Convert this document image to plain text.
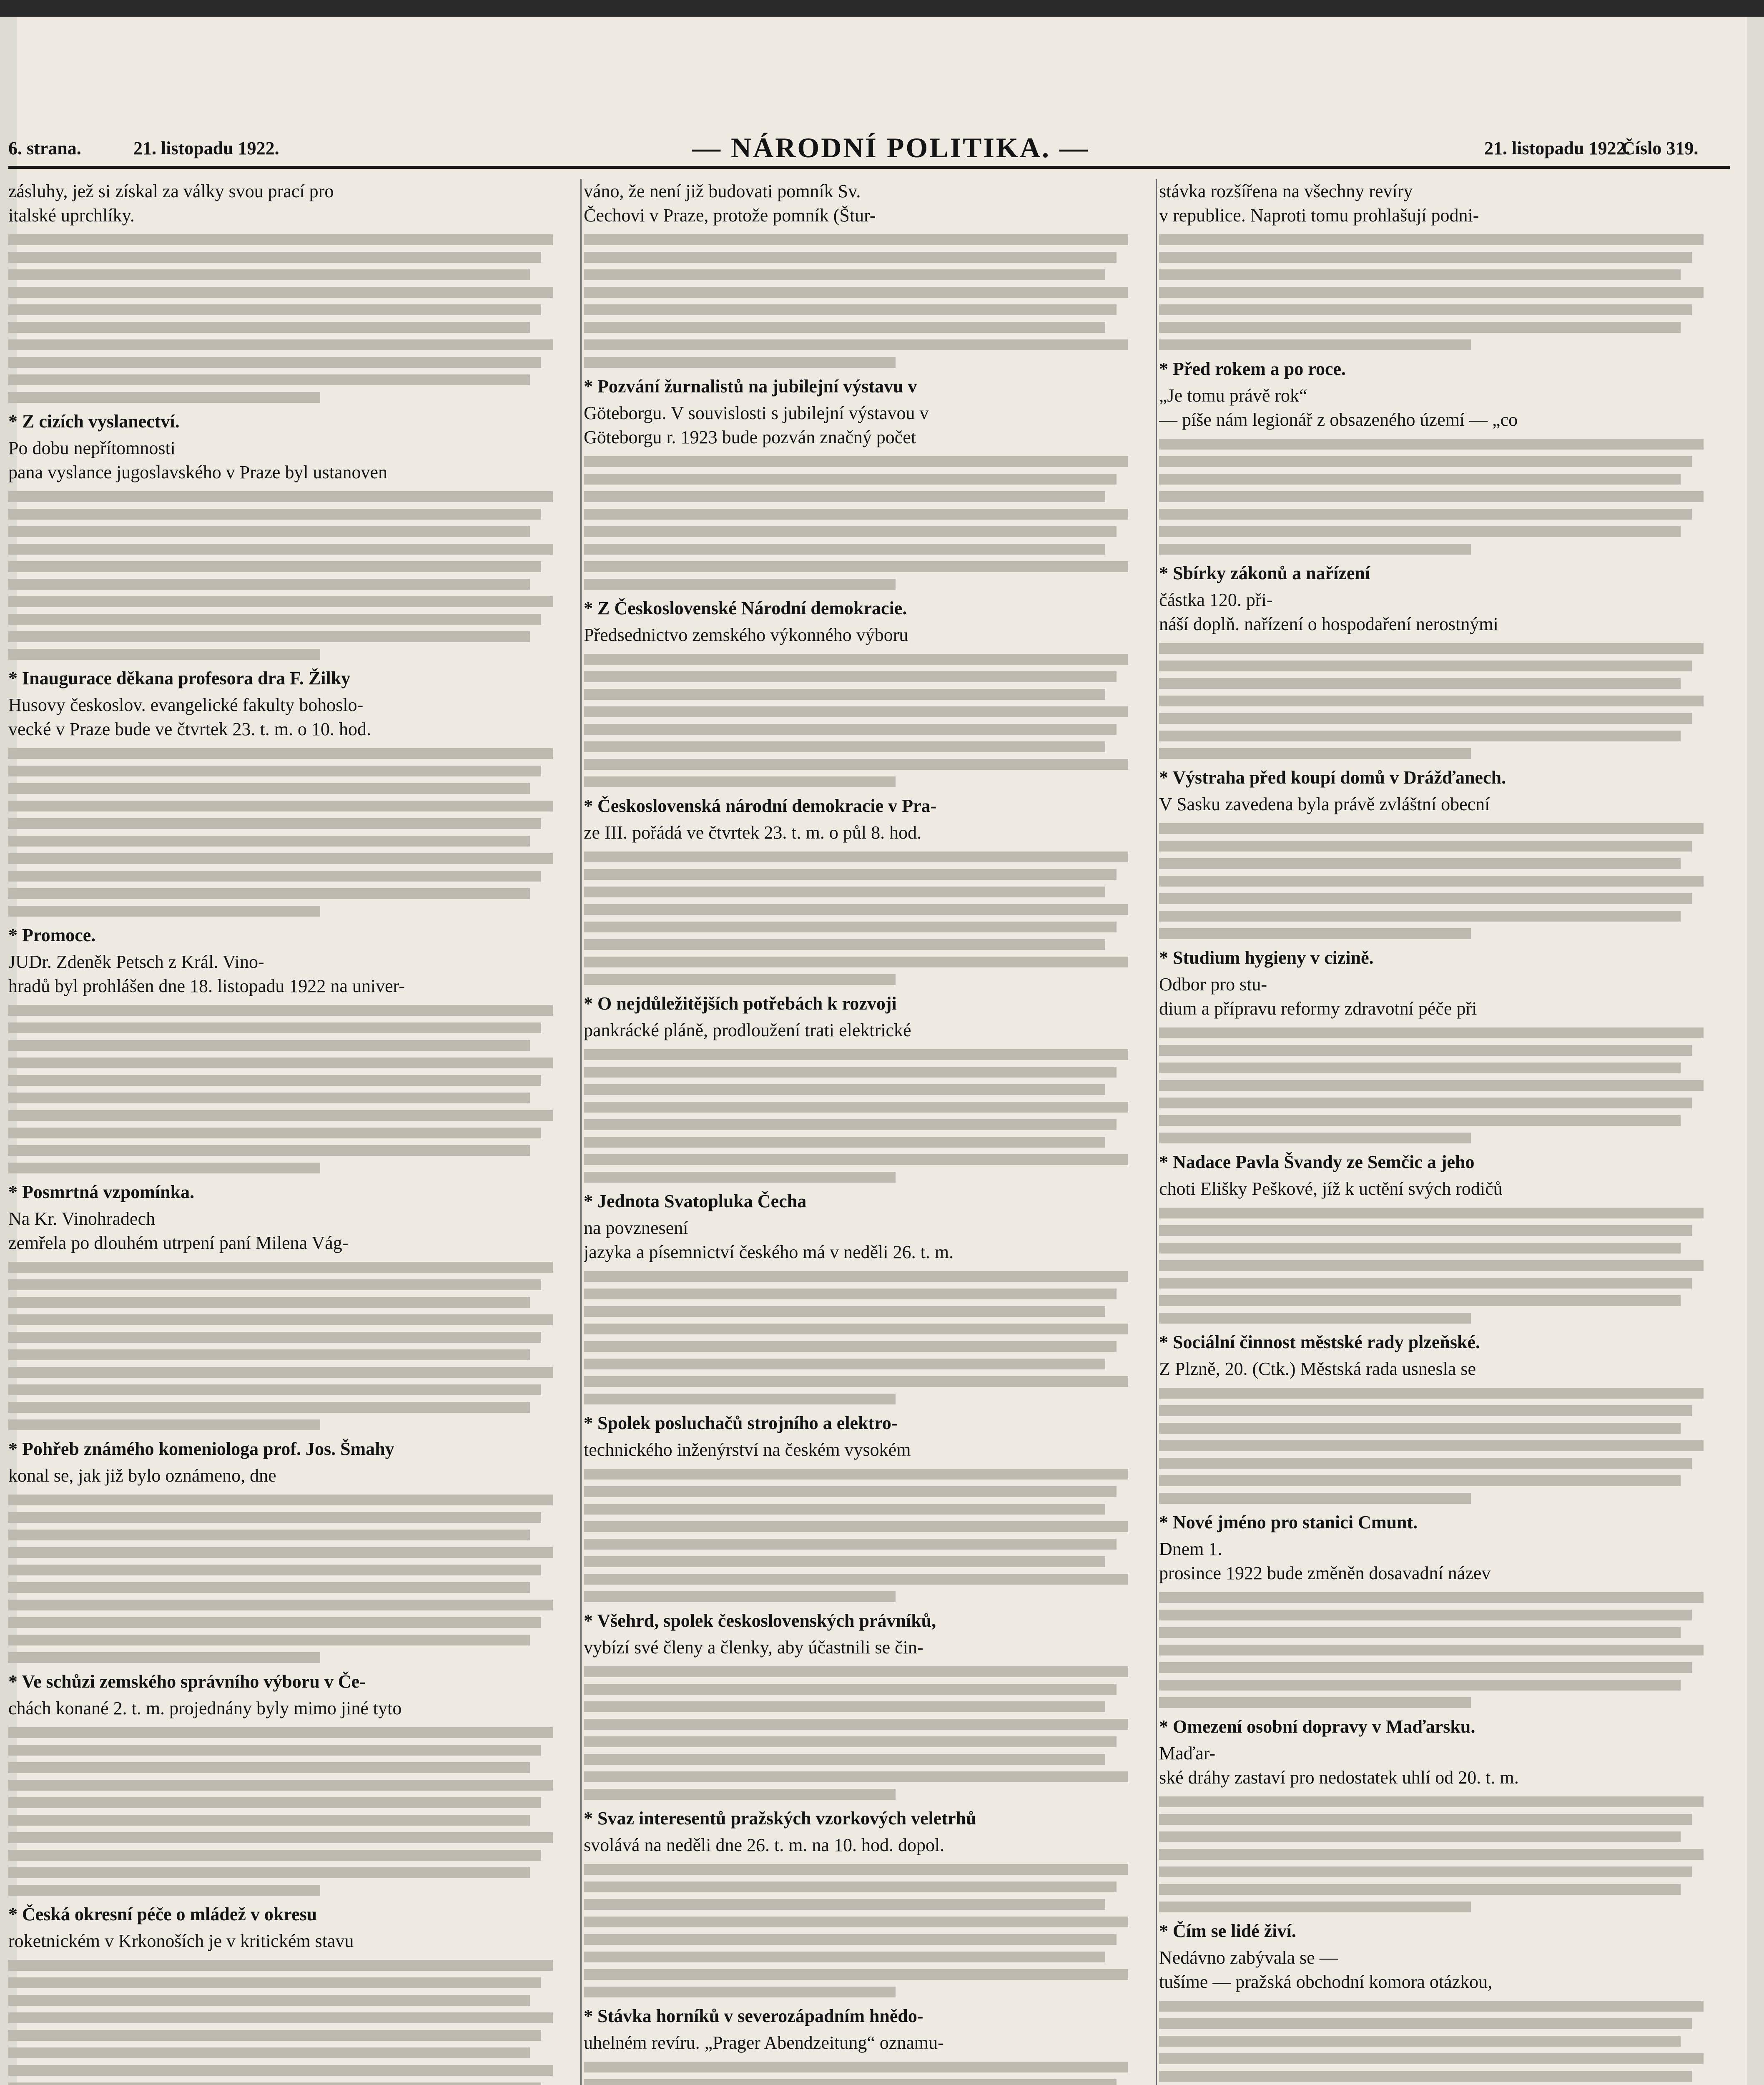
6. strana.	21. listopadu 1922.	— NÁRODNÍ POLITIKA. —	21. listopadu 1922.
Číslo 319.
zásluhy, jež si získal za války svou prací pro
italské uprchlíky.
* Z cizích vyslanectví.
Po dobu nepřítomnosti
pana vyslance jugoslavského v Praze byl ustanoven
* Inaugurace děkana profesora dra F. Žilky
Husovy českoslov. evangelické fakulty bohoslo-
vecké v Praze bude ve čtvrtek 23. t. m. o 10. hod.
* Promoce.
JUDr. Zdeněk Petsch z Král. Vino-
hradů byl prohlášen dne 18. listopadu 1922 na univer-
* Posmrtná vzpomínka.
Na Kr. Vinohradech
zemřela po dlouhém utrpení paní Milena Vág-
* Pohřeb známého komeniologa prof. Jos. Šmahy
konal se, jak již bylo oznámeno, dne
* Ve schůzi zemského správního výboru v Če-
chách konané 2. t. m. projednány byly mimo jiné tyto
* Česká okresní péče o mládež v okresu
roketnickém v Krkonoších je v kritickém stavu
váno, že není již budovati pomník Sv.
Čechovi v Praze, protože pomník (Štur-
* Pozvání žurnalistů na jubilejní výstavu v
Göteborgu. V souvislosti s jubilejní výstavou v
Göteborgu r. 1923 bude pozván značný počet
* Z Československé Národní demokracie.
Předsednictvo zemského výkonného výboru
* Československá národní demokracie v Pra-
ze III. pořádá ve čtvrtek 23. t. m. o půl 8. hod.
* O nejdůležitějších potřebách k rozvoji
pankrácké pláně, prodloužení trati elektrické
* Jednota Svatopluka Čecha
na povznesení
jazyka a písemnictví českého má v neděli 26. t. m.
* Spolek posluchačů strojního a elektro-
technického inženýrství na českém vysokém
* Všehrd, spolek československých právníků,
vybízí své členy a členky, aby účastnili se čin-
* Svaz interesentů pražských vzorkových veletrhů
svolává na neděli dne 26. t. m. na 10. hod. dopol.
* Stávka horníků v severozápadním hnědo-
uhelném revíru. „Prager Abendzeitung“ oznamu-
stávka rozšířena na všechny revíry
v republice. Naproti tomu prohlašují podni-
* Před rokem a po roce.
„Je tomu právě rok“
— píše nám legionář z obsazeného území — „co
* Sbírky zákonů a nařízení
částka 120. při-
náší doplň. nařízení o hospodaření nerostnými
* Výstraha před koupí domů v Drážďanech.
V Sasku zavedena byla právě zvláštní obecní
* Studium hygieny v cizině.
Odbor pro stu-
dium a přípravu reformy zdravotní péče při
* Nadace Pavla Švandy ze Semčic a jeho
choti Elišky Peškové, jíž k uctění svých rodičů
* Sociální činnost městské rady plzeňské.
Z Plzně, 20. (Ctk.) Městská rada usnesla se
* Nové jméno pro stanici Cmunt.
Dnem 1.
prosince 1922 bude změněn dosavadní název
* Omezení osobní dopravy v Maďarsku.
Maďar-
ské dráhy zastaví pro nedostatek uhlí od 20. t. m.
* Čím se lidé živí.
Nedávno zabývala se —
tušíme — pražská obchodní komora otázkou,
